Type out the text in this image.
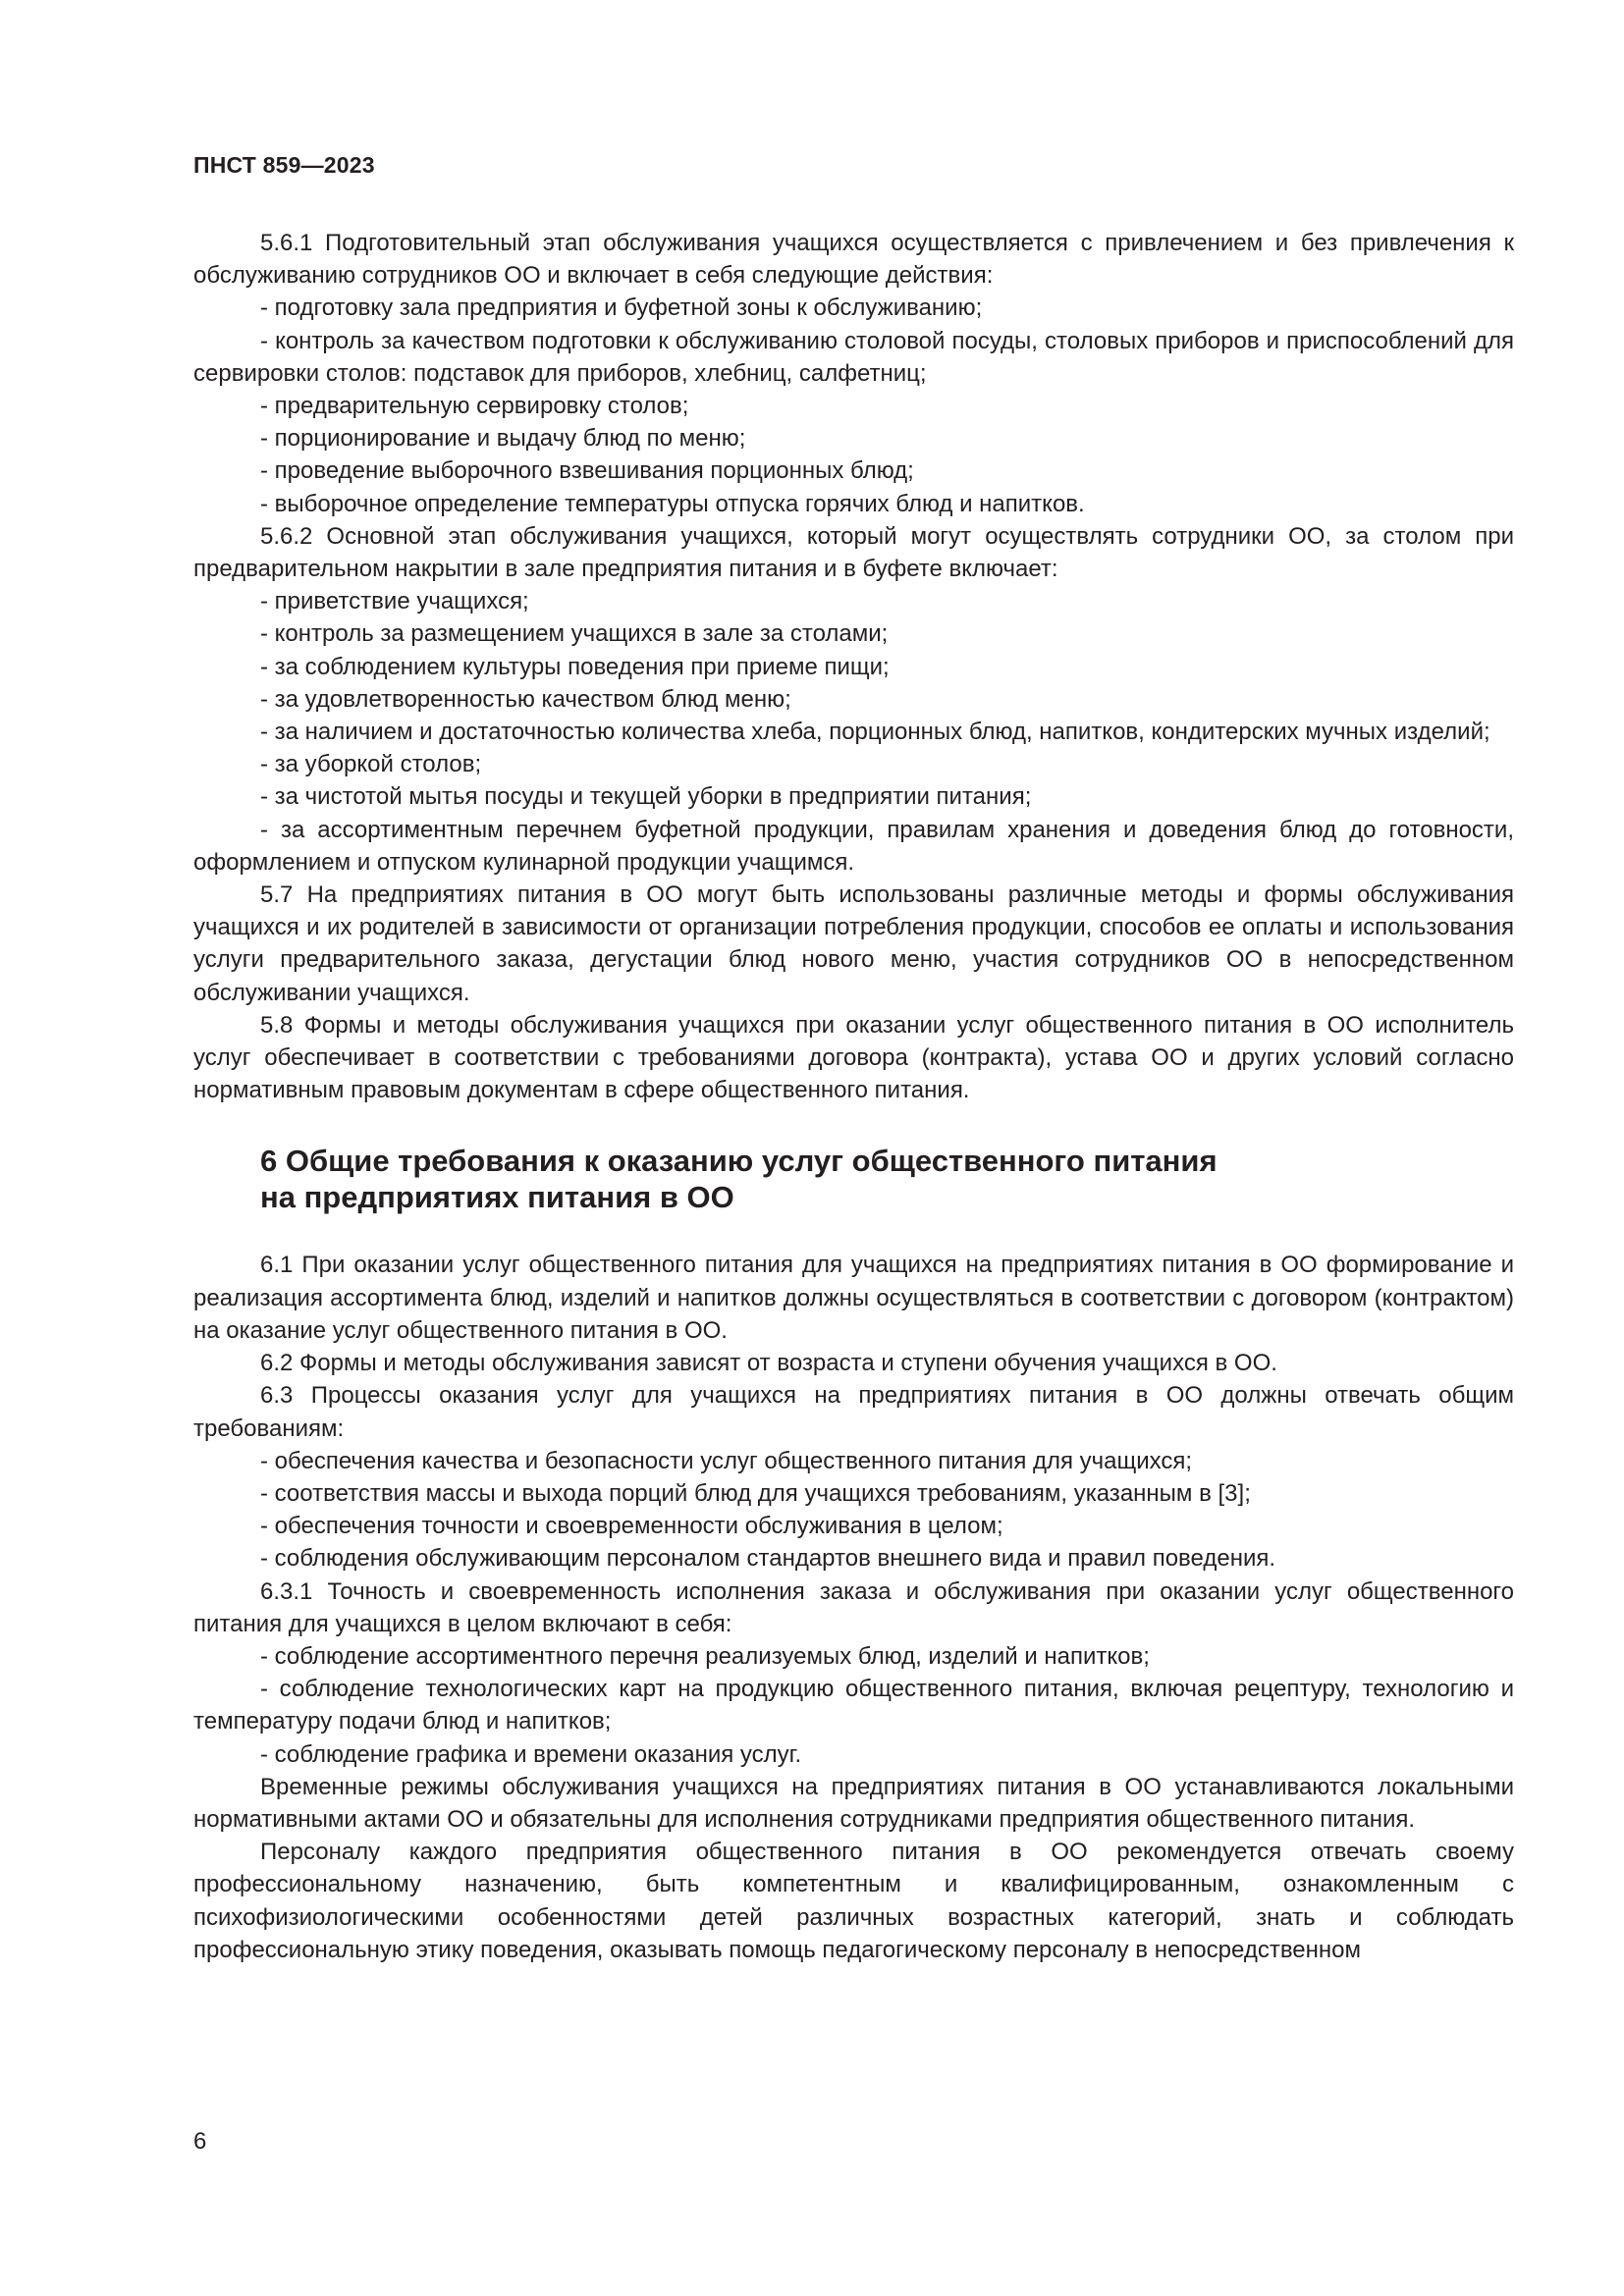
ПНСТ 859—2023

5.6.1 Подготовительный этап обслуживания учащихся осуществляется с привлечением и без привлечения к обслуживанию сотрудников ОО и включает в себя следующие действия:

- подготовку зала предприятия и буфетной зоны к обслуживанию;

- контроль за качеством подготовки к обслуживанию столовой посуды, столовых приборов и приспособлений для сервировки столов: подставок для приборов, хлебниц, салфетниц;

- предварительную сервировку столов;

- порционирование и выдачу блюд по меню;

- проведение выборочного взвешивания порционных блюд;

- выборочное определение температуры отпуска горячих блюд и напитков.

5.6.2 Основной этап обслуживания учащихся, который могут осуществлять сотрудники ОО, за столом при предварительном накрытии в зале предприятия питания и в буфете включает:

- приветствие учащихся;

- контроль за размещением учащихся в зале за столами;

- за соблюдением культуры поведения при приеме пищи;

- за удовлетворенностью качеством блюд меню;

- за наличием и достаточностью количества хлеба, порционных блюд, напитков, кондитерских мучных изделий;

- за уборкой столов;

- за чистотой мытья посуды и текущей уборки в предприятии питания;

- за ассортиментным перечнем буфетной продукции, правилам хранения и доведения блюд до готовности, оформлением и отпуском кулинарной продукции учащимся.

5.7 На предприятиях питания в ОО могут быть использованы различные методы и формы обслуживания учащихся и их родителей в зависимости от организации потребления продукции, способов ее оплаты и использования услуги предварительного заказа, дегустации блюд нового меню, участия сотрудников ОО в непосредственном обслуживании учащихся.

5.8 Формы и методы обслуживания учащихся при оказании услуг общественного питания в ОО исполнитель услуг обеспечивает в соответствии с требованиями договора (контракта), устава ОО и других условий согласно нормативным правовым документам в сфере общественного питания.

6 Общие требования к оказанию услуг общественного питания
на предприятиях питания в ОО

6.1 При оказании услуг общественного питания для учащихся на предприятиях питания в ОО формирование и реализация ассортимента блюд, изделий и напитков должны осуществляться в соответствии с договором (контрактом) на оказание услуг общественного питания в ОО.

6.2 Формы и методы обслуживания зависят от возраста и ступени обучения учащихся в ОО.

6.3 Процессы оказания услуг для учащихся на предприятиях питания в ОО должны отвечать общим требованиям:

- обеспечения качества и безопасности услуг общественного питания для учащихся;

- соответствия массы и выхода порций блюд для учащихся требованиям, указанным в [3];

- обеспечения точности и своевременности обслуживания в целом;

- соблюдения обслуживающим персоналом стандартов внешнего вида и правил поведения.

6.3.1 Точность и своевременность исполнения заказа и обслуживания при оказании услуг общественного питания для учащихся в целом включают в себя:

- соблюдение ассортиментного перечня реализуемых блюд, изделий и напитков;

- соблюдение технологических карт на продукцию общественного питания, включая рецептуру, технологию и температуру подачи блюд и напитков;

- соблюдение графика и времени оказания услуг.

Временные режимы обслуживания учащихся на предприятиях питания в ОО устанавливаются локальными нормативными актами ОО и обязательны для исполнения сотрудниками предприятия общественного питания.

Персоналу каждого предприятия общественного питания в ОО рекомендуется отвечать своему профессиональному назначению, быть компетентным и квалифицированным, ознакомленным с психофизиологическими особенностями детей различных возрастных категорий, знать и соблюдать профессиональную этику поведения, оказывать помощь педагогическому персоналу в непосредственном

6
